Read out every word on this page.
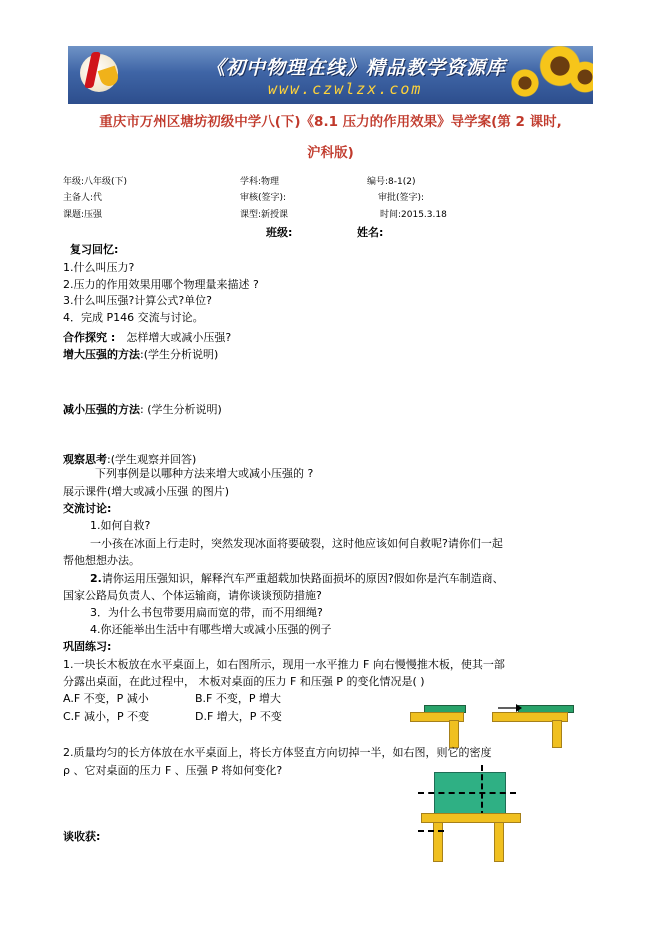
《初中物理在线》精品教学资源库
www.czwlzx.com
重庆市万州区塘坊初级中学八(下)《8.1 压力的作用效果》导学案(第 2 课时,
沪科版)
年级:八年级(下)	学科:物理	编号:8-1(2)
主备人:代	审核(签字):	审批(签字):
课题:压强	课型:新授课	时间:2015.3.18
班级:	姓名:
复习回忆:
1.什么叫压力?
2.压力的作用效果用哪个物理量来描述 ?
3.什么叫压强?计算公式?单位?
4．完成 P146 交流与讨论。
合作探究 : 怎样增大或减小压强?
增大压强的方法:(学生分析说明)
减小压强的方法: (学生分析说明)
观察思考:(学生观察并回答)
下列事例是以哪种方法来增大或减小压强的 ?
展示课件(增大或减小压强 的图片)
交流讨论:
1.如何自救?
一小孩在冰面上行走时，突然发现冰面将要破裂，这时他应该如何自救呢?请你们一起
帮他想想办法。
2.请你运用压强知识，解释汽车严重超载加快路面损坏的原因?假如你是汽车制造商、
国家公路局负责人、个体运输商，请你谈谈预防措施?
3．为什么书包带要用扁而宽的带，而不用细绳?
4.你还能举出生活中有哪些增大或减小压强的例子
巩固练习:
1.一块长木板放在水平桌面上，如右图所示，现用一水平推力 F 向右慢慢推木板，使其一部
分露出桌面，在此过程中， 木板对桌面的压力 F 和压强 P 的变化情况是( )
A.F 不变，P 减小	B.F 不变，P 增大
C.F 减小，P 不变	D.F 增大，P 不变
2.质量均匀的长方体放在水平桌面上，将长方体竖直方向切掉一半，如右图，则它的密度
ρ 、它对桌面的压力 F 、压强 P 将如何变化?
谈收获:
